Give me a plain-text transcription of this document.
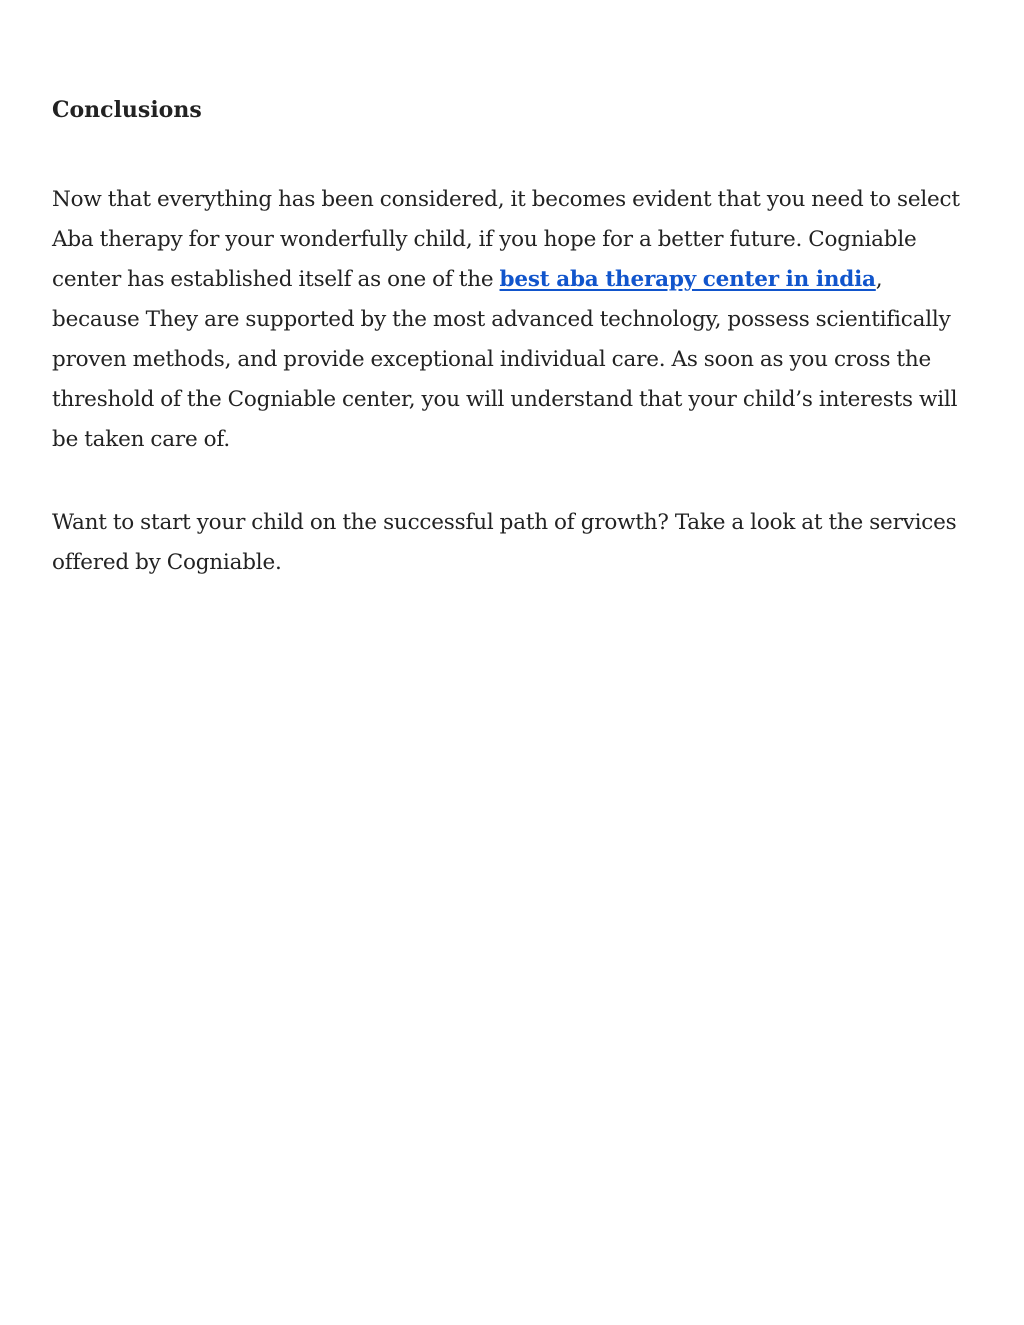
Conclusions

Now that everything has been considered, it becomes evident that you need to select Aba therapy for your wonderfully child, if you hope for a better future. Cogniable center has established itself as one of the best aba therapy center in india, because They are supported by the most advanced technology, possess scientifically proven methods, and provide exceptional individual care. As soon as you cross the threshold of the Cogniable center, you will understand that your child’s interests will be taken care of.

Want to start your child on the successful path of growth? Take a look at the services offered by Cogniable.
